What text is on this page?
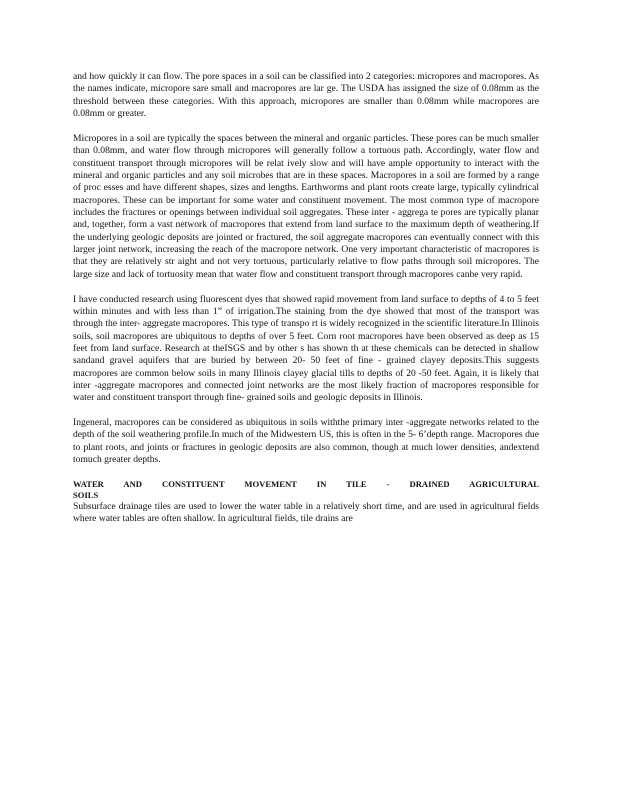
and how quickly it can flow. The pore spaces in a soil can be classified into 2 categories: micropores and macropores. As the names indicate, micropore sare small and macropores are lar ge. The USDA has assigned the size of 0.08mm as the threshold between these categories. With this approach, micropores are smaller than 0.08mm while macropores are 0.08mm or greater.

Micropores in a soil are typically the spaces between the mineral and organic particles. These pores can be much smaller than 0.08mm, and water flow through micropores will generally follow a tortuous path. Accordingly, water flow and constituent transport through micropores will be relat ively slow and will have ample opportunity to interact with the mineral and organic particles and any soil microbes that are in these spaces. Macropores in a soil are formed by a range of proc esses and have different shapes, sizes and lengths. Earthworms and plant roots create large, typically cylindrical macropores. These can be important for some water and constituent movement. The most common type of macropore includes the fractures or openings between individual soil aggregates. These inter - aggrega te pores are typically planar and, together, form a vast network of macropores that extend from land surface to the maximum depth of weathering.If the underlying geologic deposits are jointed or fractured, the soil aggregate macropores can eventually connect with this larger joint network, increasing the reach of the macropore network. One very important characteristic of macropores is that they are relatively str aight and not very tortuous, particularly relative to flow paths through soil micropores. The large size and lack of tortuosity mean that water flow and constituent transport through macropores canbe very rapid.

I have conducted research using fluorescent dyes that showed rapid movement from land surface to depths of 4 to 5 feet within minutes and with less than 1” of irrigation.The staining from the dye showed that most of the transport was through the inter- aggregate macropores. This type of transpo rt is widely recognized in the scientific literature.In Illinois soils, soil macropores are ubiquitous to depths of over 5 feet. Corn root macropores have been observed as deep as 15 feet from land surface. Research at theISGS and by other s has shown th at these chemicals can be detected in shallow sandand gravel aquifers that are buried by between 20- 50 feet of fine - grained clayey deposits.This suggests macropores are common below soils in many Illinois clayey glacial tills to depths of 20 -50 feet. Again, it is likely that inter -aggregate macropores and connected joint networks are the most likely fraction of macropores responsible for water and constituent transport through fine- grained soils and geologic deposits in Illinois.

Ingeneral, macropores can be considered as ubiquitous in soils withthe primary inter -aggregate networks related to the depth of the soil weathering profile.In much of the Midwestern US, this is often in the 5- 6’depth range. Macropores due to plant roots, and joints or fractures in geologic deposits are also common, though at much lower densities, andextend tomuch greater depths.

WATER AND CONSTITUENT MOVEMENT IN TILE - DRAINED AGRICULTURAL

SOILS

Subsurface drainage tiles are used to lower the water table in a relatively short time, and are used in agricultural fields where water tables are often shallow. In agricultural fields, tile drains are
